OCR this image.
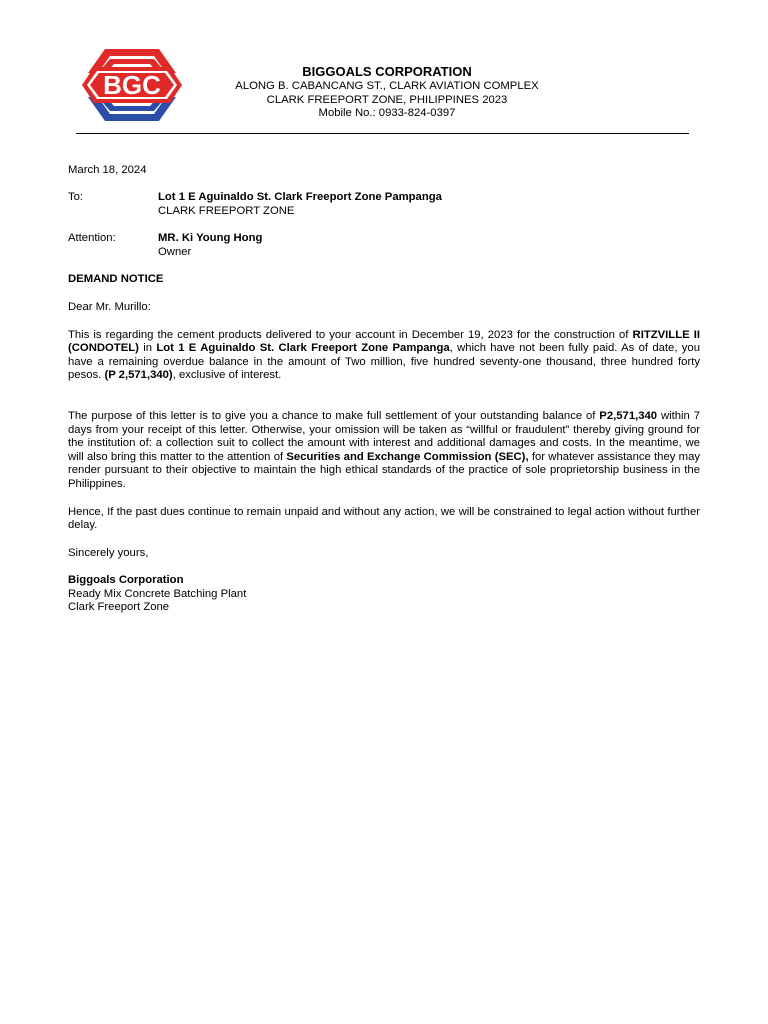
BGC	BIGGOALS CORPORATION
ALONG B. CABANCANG ST., CLARK AVIATION COMPLEX
CLARK FREEPORT ZONE, PHILIPPINES 2023
Mobile No.: 0933-824-0397
March 18, 2024
To:	Lot 1 E Aguinaldo St. Clark Freeport Zone Pampanga
CLARK FREEPORT ZONE
Attention:	MR. Ki Young Hong
Owner
DEMAND NOTICE
Dear Mr. Murillo:

This is regarding the cement products delivered to your account in December 19, 2023 for the construction of RITZVILLE II (CONDOTEL) in Lot 1 E Aguinaldo St. Clark Freeport Zone Pampanga, which have not been fully paid. As of date, you have a remaining overdue balance in the amount of Two million, five hundred seventy-one thousand, three hundred forty pesos. (P 2,571,340), exclusive of interest.

The purpose of this letter is to give you a chance to make full settlement of your outstanding balance of P2,571,340 within 7 days from your receipt of this letter. Otherwise, your omission will be taken as “willful or fraudulent” thereby giving ground for the institution of: a collection suit to collect the amount with interest and additional damages and costs. In the meantime, we will also bring this matter to the attention of Securities and Exchange Commission (SEC), for whatever assistance they may render pursuant to their objective to maintain the high ethical standards of the practice of sole proprietorship business in the Philippines.

Hence, If the past dues continue to remain unpaid and without any action, we will be constrained to legal action without further delay.

Sincerely yours,
Biggoals Corporation
Ready Mix Concrete Batching Plant
Clark Freeport Zone
